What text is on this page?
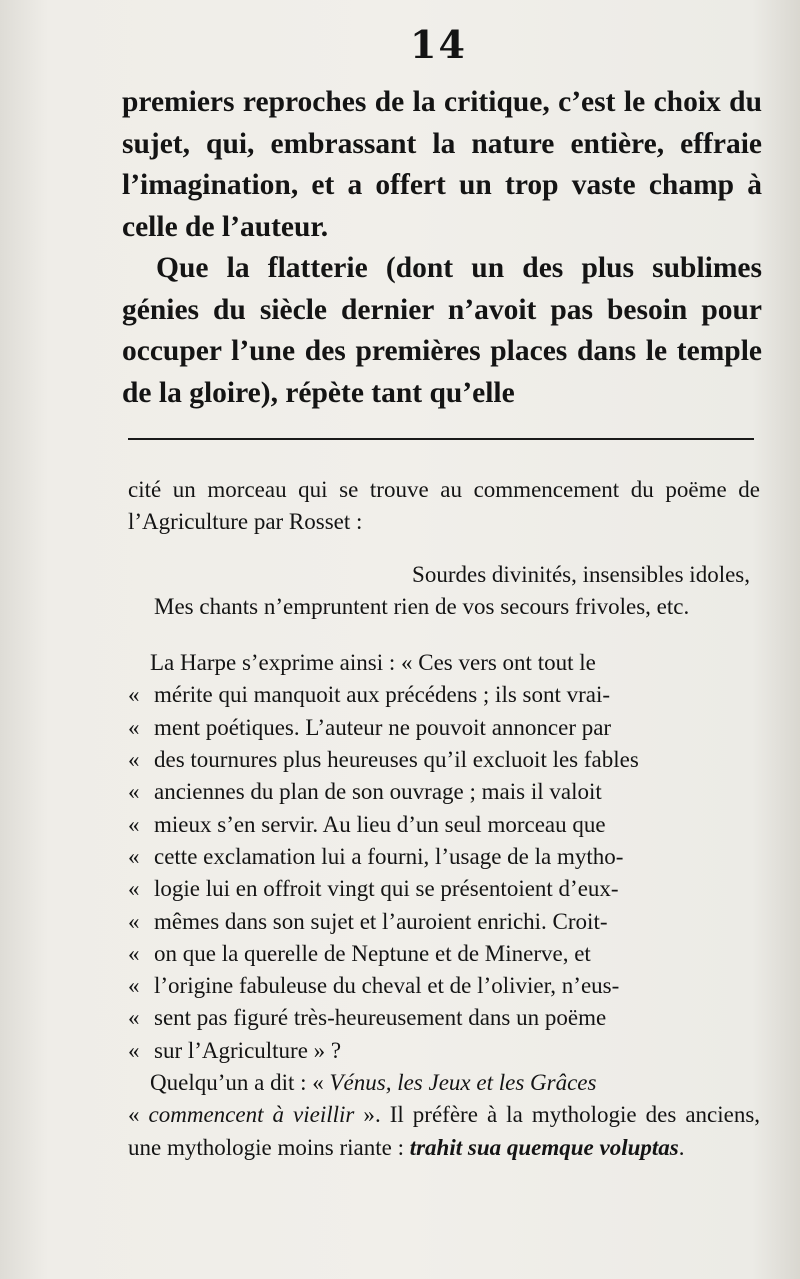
14

premiers reproches de la critique, c’est le choix du sujet, qui, embrassant la nature entière, effraie l’imagination, et a offert un trop vaste champ à celle de l’auteur.

Que la flatterie (dont un des plus sublimes génies du siècle dernier n’avoit pas besoin pour occuper l’une des premières places dans le temple de la gloire), répète tant qu’elle

cité un morceau qui se trouve au commencement du poëme de l’Agriculture par Rosset :

Sourdes divinités, insensibles idoles,
Mes chants n’empruntent rien de vos secours frivoles, etc.

La Harpe s’exprime ainsi : « Ces vers ont tout le

« mérite qui manquoit aux précédens ; ils sont vrai-
« ment poétiques. L’auteur ne pouvoit annoncer par
« des tournures plus heureuses qu’il excluoit les fables
« anciennes du plan de son ouvrage ; mais il valoit
« mieux s’en servir. Au lieu d’un seul morceau que
« cette exclamation lui a fourni, l’usage de la mytho-
« logie lui en offroit vingt qui se présentoient d’eux-
« mêmes dans son sujet et l’auroient enrichi. Croit-
« on que la querelle de Neptune et de Minerve, et
« l’origine fabuleuse du cheval et de l’olivier, n’eus-
« sent pas figuré très-heureusement dans un poëme
« sur l’Agriculture » ?

Quelqu’un a dit : « Vénus, les Jeux et les Grâces
« commencent à vieillir ». Il préfère à la mythologie des anciens, une mythologie moins riante : trahit sua quemque voluptas.
